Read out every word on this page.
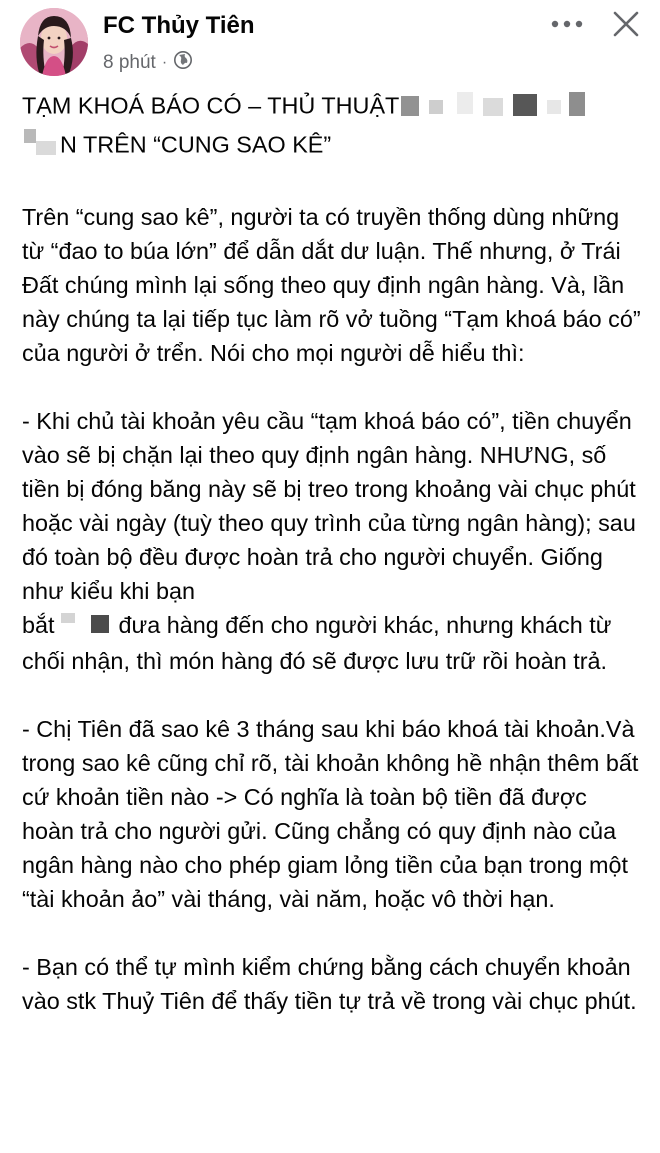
FC Thủy Tiên
8 phút ·

TẠM KHOÁ BÁO CÓ – THỦ THUẬT
N TRÊN “CUNG SAO KÊ”

Trên “cung sao kê”, người ta có truyền thống dùng những từ “đao to búa lớn” để dẫn dắt dư luận. Thế nhưng, ở Trái Đất chúng mình lại sống theo quy định ngân hàng. Và, lần này chúng ta lại tiếp tục làm rõ vở tuồng “Tạm khoá báo có” của người ở trển. Nói cho mọi người dễ hiểu thì:

- Khi chủ tài khoản yêu cầu “tạm khoá báo có”, tiền chuyển vào sẽ bị chặn lại theo quy định ngân hàng. NHƯNG, số tiền bị đóng băng này sẽ bị treo trong khoảng vài chục phút hoặc vài ngày (tuỳ theo quy trình của từng ngân hàng); sau đó toàn bộ đều được hoàn trả cho người chuyển. Giống như kiểu khi bạn
bắt	đưa hàng đến cho người khác, nhưng khách từ chối nhận, thì món hàng đó sẽ được lưu trữ rồi hoàn trả.

- Chị Tiên đã sao kê 3 tháng sau khi báo khoá tài khoản.Và trong sao kê cũng chỉ rõ, tài khoản không hề nhận thêm bất cứ khoản tiền nào -> Có nghĩa là toàn bộ tiền đã được hoàn trả cho người gửi. Cũng chẳng có quy định nào của ngân hàng nào cho phép giam lỏng tiền của bạn trong một “tài khoản ảo” vài tháng, vài năm, hoặc vô thời hạn.

- Bạn có thể tự mình kiểm chứng bằng cách chuyển khoản vào stk Thuỷ Tiên để thấy tiền tự trả về trong vài chục phút.
